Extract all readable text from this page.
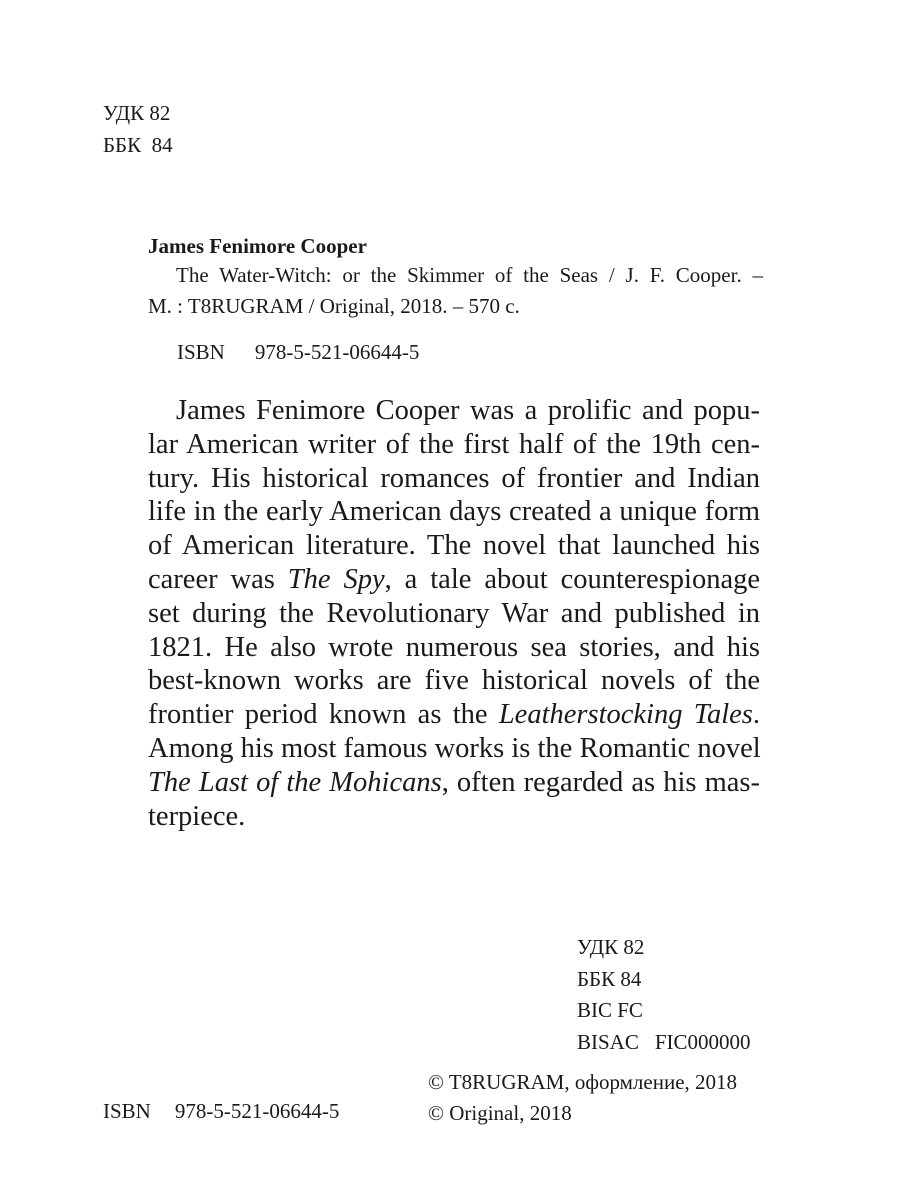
УДК 82
ББК  84
James Fenimore Cooper
The Water-Witch: or the Skimmer of the Seas / J. F. Cooper. –
M. : T8RUGRAM / Original, 2018. – 570 c.
ISBN 978-5-521-06644-5

James Fenimore Cooper was a prolific and popu-

lar American writer of the first half of the 19th cen-

tury. His historical romances of frontier and Indian

life in the early American days created a unique form

of American literature. The novel that launched his

career was The Spy, a tale about counterespionage

set during the Revolutionary War and published in

1821. He also wrote numerous sea stories, and his

best-known works are five historical novels of the

frontier period known as the Leatherstocking Tales.

Among his most famous works is the Romantic novel

The Last of the Mohicans, often regarded as his mas-

terpiece.

УДК 82
ББК 84
BIC FC
BISAC FIC000000
© T8RUGRAM, оформление, 2018
© Original, 2018
ISBN 978-5-521-06644-5
